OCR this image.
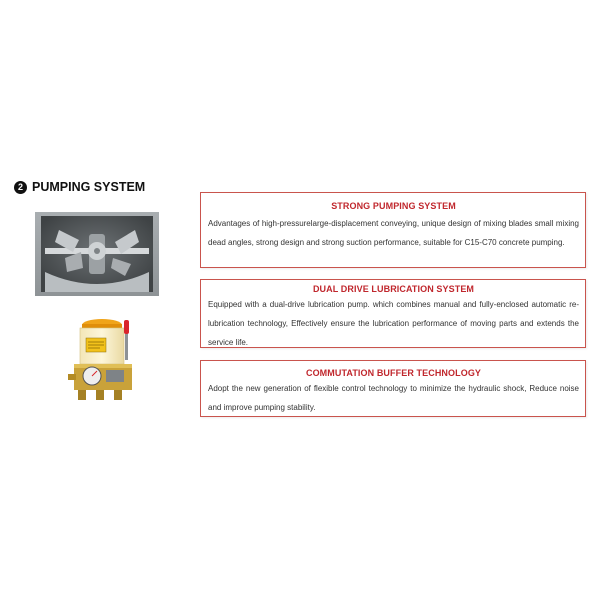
2 PUMPING SYSTEM
STRONG PUMPING SYSTEM

Advantages of high-pressurelarge-displacement conveying, unique design of mixing blades small mixing dead angles, strong design and strong suction performance, suitable for C15-C70 concrete pumping.

DUAL DRIVE LUBRICATION SYSTEM

Equipped with a dual-drive lubrication pump. which combines manual and fully-enclosed automatic re-lubrication technology, Effectively ensure the lubrication performance of moving parts and extends the service life.

COMMUTATION BUFFER TECHNOLOGY

Adopt the new generation of flexible control technology to minimize the hydraulic shock, Reduce noise and improve pumping stability.
